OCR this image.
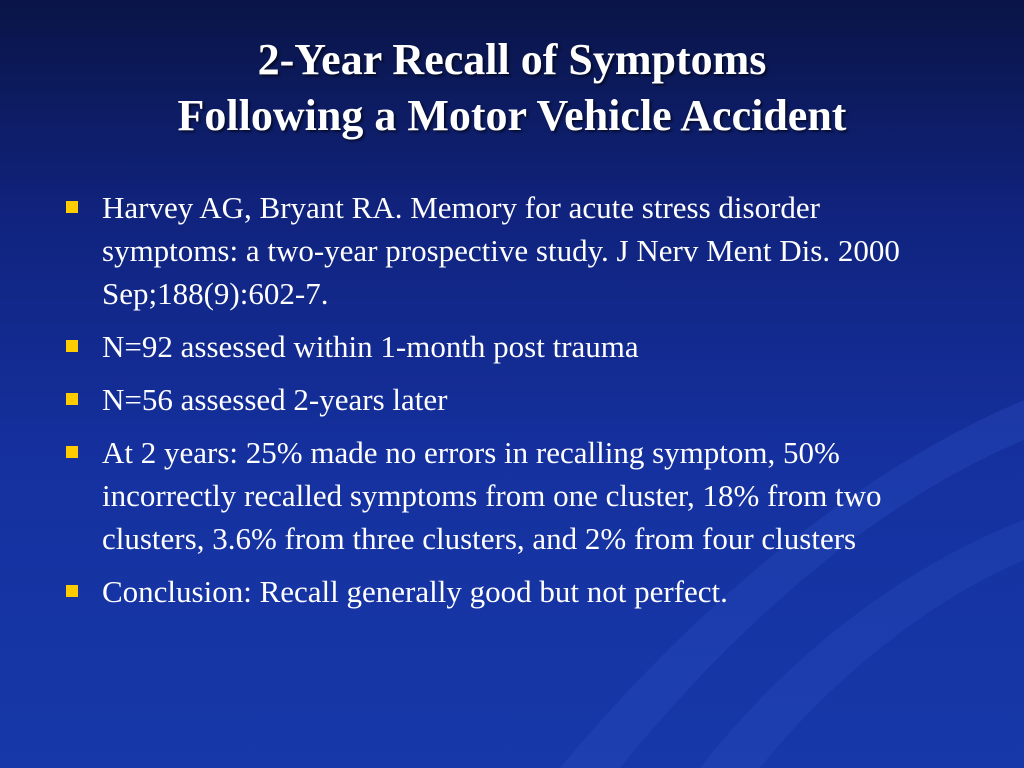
2-Year Recall of Symptoms
Following a Motor Vehicle Accident
Harvey AG, Bryant RA. Memory for acute stress disorder symptoms: a two-year prospective study. J Nerv Ment Dis. 2000 Sep;188(9):602-7.
N=92 assessed within 1-month post trauma
N=56 assessed 2-years later
At 2 years: 25% made no errors in recalling symptom, 50% incorrectly recalled symptoms from one cluster, 18% from two clusters, 3.6% from three clusters, and 2% from four clusters
Conclusion: Recall generally good but not perfect.
